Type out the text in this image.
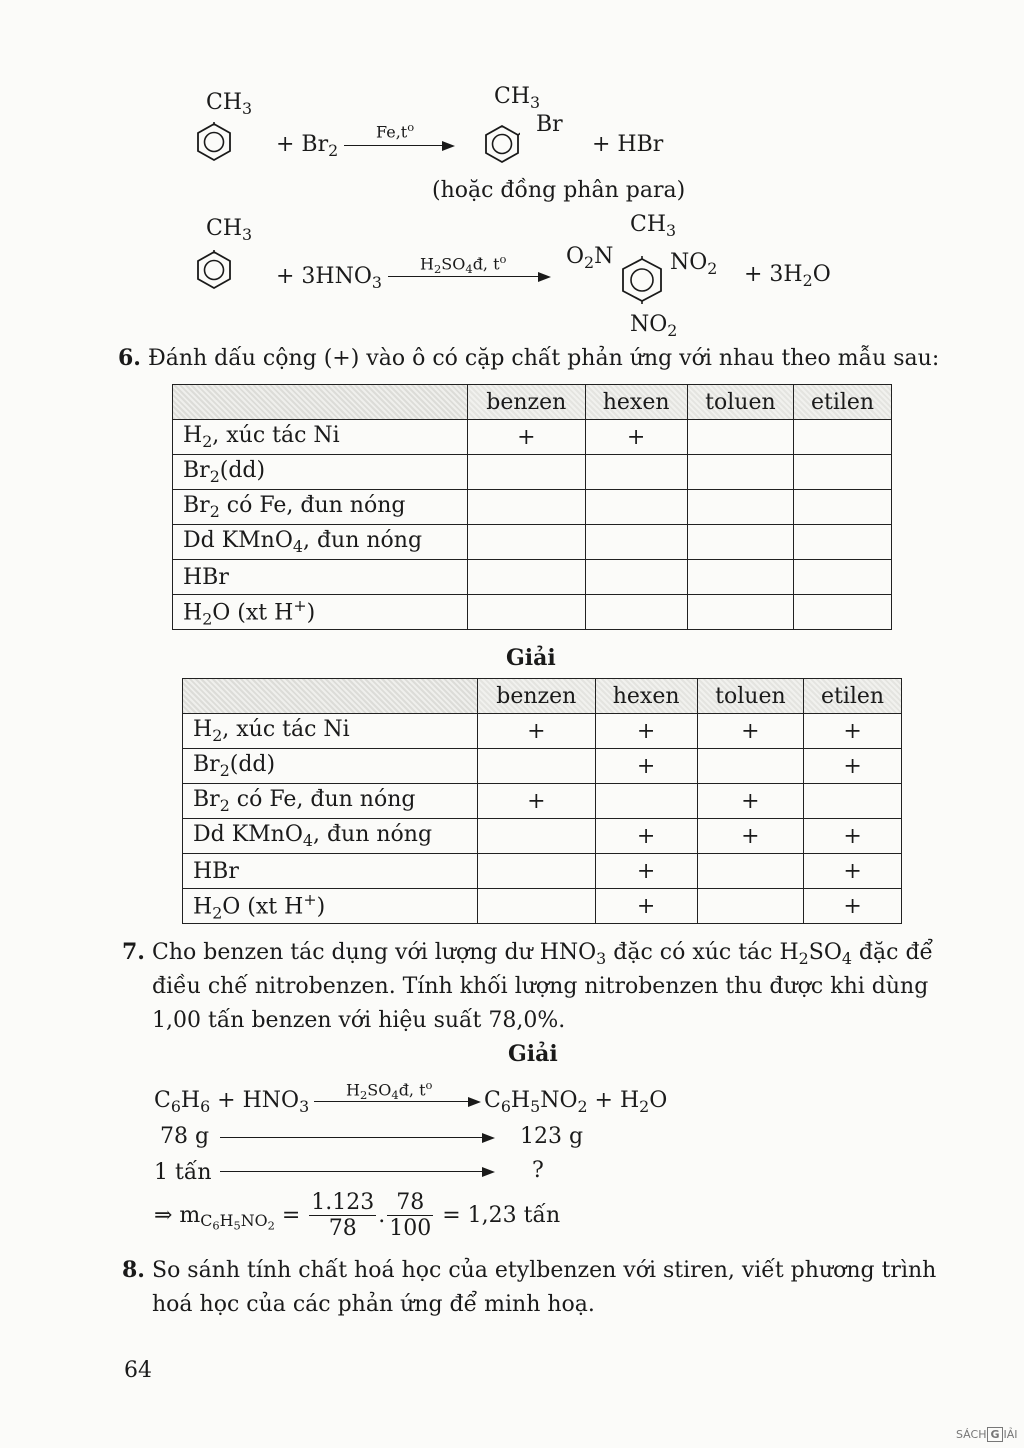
$CH_3$
+ $Br_2$
$Fe,t^o$
$CH_3$
Br
+ HBr
(hoặc đồng phân para)
$CH_3$
+ $3HNO_3$
$H_2SO_4đ$, $t^o$
$CH_3$
$O_2N$	$NO_2$
$NO_2$
+ $3H_2O$
6. Đánh dấu cộng (+) vào ô có cặp chất phản ứng với nhau theo mẫu sau:
	benzen	hexen	toluen	etilen
$H_2$, xúc tác Ni	+	+		
$Br_2(dd)$				
$Br_2$ có Fe, đun nóng				
Dd KMnO$_4$, đun nóng				
HBr				
$H_2O$ (xt H+)				
Giải
	benzen	hexen	toluen	etilen
$H_2$, xúc tác Ni	+	+	+	+
$Br_2(dd)$		+		+
$Br_2$ có Fe, đun nóng	+		+	
Dd KMnO$_4$, đun nóng		+	+	+
HBr		+		+
$H_2O$ (xt H+)		+		+
7. Cho benzen tác dụng với lượng dư $HNO_3$ đặc có xúc tác $H_2SO_4$ đặc để
điều chế nitrobenzen. Tính khối lượng nitrobenzen thu được khi dùng
1,00 tấn benzen với hiệu suất 78,0%.
Giải
$C_6H_6 + HNO_3$
$H_2SO_4đ$, $t^o$
$C_6H_5NO_2 + H_2O$
78 g	123 g
1 tấn	?
⇒ $m_{C_6H_5NO_2} = \frac{1.123}{78}$ . $\frac{78}{100} = 1,23$ tấn
8. So sánh tính chất hoá học của etylbenzen với stiren, viết phương trình
hoá học của các phản ứng để minh hoạ.
64
SÁCH G IẢI
